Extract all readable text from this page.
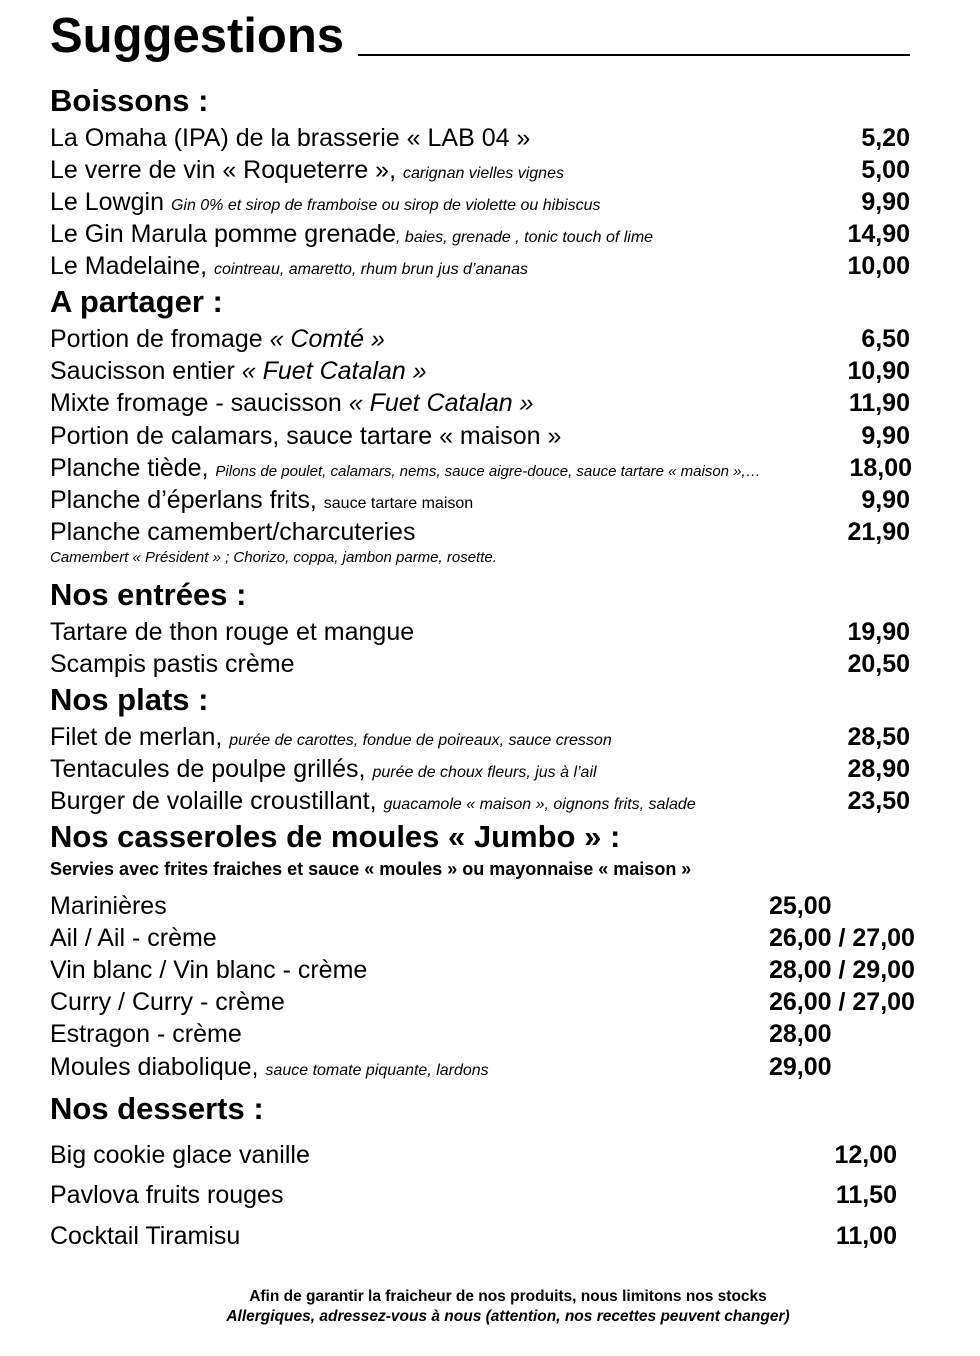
Suggestions
Boissons :
La Omaha (IPA) de la brasserie « LAB 04 »	5,20
Le verre de vin « Roqueterre », carignan vielles vignes	5,00
Le Lowgin Gin 0% et sirop de framboise ou sirop de violette ou hibiscus	9,90
Le Gin Marula pomme grenade, baies, grenade , tonic touch of lime	14,90
Le Madelaine, cointreau, amaretto, rhum brun jus d’ananas	10,00
A partager :
Portion de fromage « Comté »	6,50
Saucisson entier « Fuet Catalan »	10,90
Mixte fromage - saucisson « Fuet Catalan »	11,90
Portion de calamars, sauce tartare « maison »	9,90
Planche tiède, Pilons de poulet, calamars, nems, sauce aigre-douce, sauce tartare « maison »,…	18,00
Planche d’éperlans frits, sauce tartare maison	9,90
Planche camembert/charcuteries	21,90
Camembert « Président » ; Chorizo, coppa, jambon parme, rosette.
Nos entrées :
Tartare de thon rouge et mangue	19,90
Scampis pastis crème	20,50
Nos plats :
Filet de merlan, purée de carottes, fondue de poireaux, sauce cresson	28,50
Tentacules de poulpe grillés, purée de choux fleurs, jus à l’ail	28,90
Burger de volaille croustillant, guacamole « maison », oignons frits, salade	23,50
Nos casseroles de moules « Jumbo » :
Servies avec frites fraiches et sauce « moules » ou mayonnaise « maison »
Marinières	25,00
Ail / Ail - crème	26,00 / 27,00
Vin blanc / Vin blanc - crème	28,00 / 29,00
Curry / Curry - crème	26,00 / 27,00
Estragon - crème	28,00
Moules diabolique, sauce tomate piquante, lardons	29,00
Nos desserts :
Big cookie glace vanille	12,00
Pavlova fruits rouges	11,50
Cocktail Tiramisu	11,00
Afin de garantir la fraicheur de nos produits, nous limitons nos stocks
Allergiques, adressez-vous à nous (attention, nos recettes peuvent changer)
